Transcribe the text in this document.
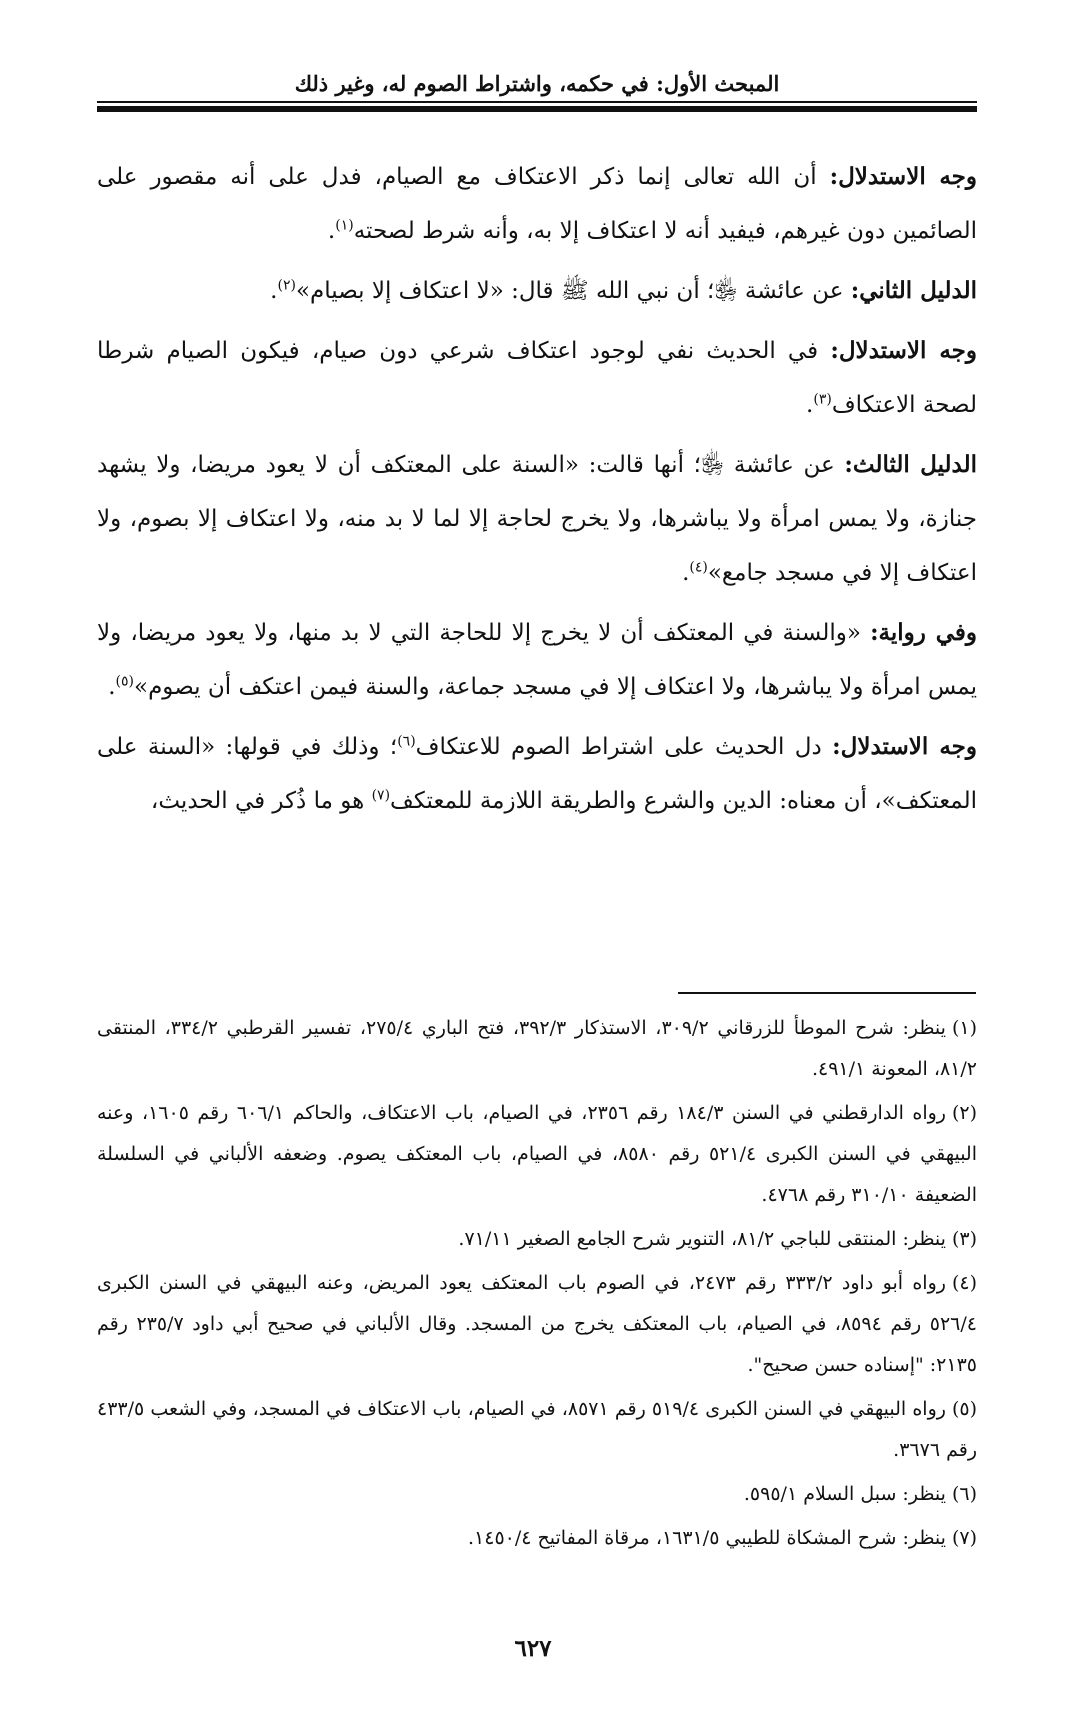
المبحث الأول: في حكمه، واشتراط الصوم له، وغير ذلك

وجه الاستدلال: أن الله تعالى إنما ذكر الاعتكاف مع الصيام، فدل على أنه مقصور على الصائمين دون غيرهم، فيفيد أنه لا اعتكاف إلا به، وأنه شرط لصحته$^{(١)}$.

الدليل الثاني: عن عائشة ﵂؛ أن نبي الله ﷺ قال: «لا اعتكاف إلا بصيام»$^{(٢)}$.

وجه الاستدلال: في الحديث نفي لوجود اعتكاف شرعي دون صيام، فيكون الصيام شرطا لصحة الاعتكاف$^{(٣)}$.

الدليل الثالث: عن عائشة ﵂؛ أنها قالت: «السنة على المعتكف أن لا يعود مريضا، ولا يشهد جنازة، ولا يمس امرأة ولا يباشرها، ولا يخرج لحاجة إلا لما لا بد منه، ولا اعتكاف إلا بصوم، ولا اعتكاف إلا في مسجد جامع»$^{(٤)}$.

وفي رواية: «والسنة في المعتكف أن لا يخرج إلا للحاجة التي لا بد منها، ولا يعود مريضا، ولا يمس امرأة ولا يباشرها، ولا اعتكاف إلا في مسجد جماعة، والسنة فيمن اعتكف أن يصوم»$^{(٥)}$.

وجه الاستدلال: دل الحديث على اشتراط الصوم للاعتكاف$^{(٦)}$؛ وذلك في قولها: «السنة على المعتكف»، أن معناه: الدين والشرع والطريقة اللازمة للمعتكف$^{(٧)}$ هو ما ذُكر في الحديث،

(١)ينظر: شرح الموطأ للزرقاني ٣٠٩/٢، الاستذكار ٣٩٢/٣، فتح الباري ٢٧٥/٤، تفسير القرطبي ٣٣٤/٢، المنتقى ٨١/٢، المعونة ٤٩١/١.

(٢)رواه الدارقطني في السنن ١٨٤/٣ رقم ٢٣٥٦، في الصيام، باب الاعتكاف، والحاكم ٦٠٦/١ رقم ١٦٠٥، وعنه البيهقي في السنن الكبرى ٥٢١/٤ رقم ٨٥٨٠، في الصيام، باب المعتكف يصوم. وضعفه الألباني في السلسلة الضعيفة ٣١٠/١٠ رقم ٤٧٦٨.

(٣)ينظر: المنتقى للباجي ٨١/٢، التنوير شرح الجامع الصغير ٧١/١١.

(٤)رواه أبو داود ٣٣٣/٢ رقم ٢٤٧٣، في الصوم باب المعتكف يعود المريض، وعنه البيهقي في السنن الكبرى ٥٢٦/٤ رقم ٨٥٩٤، في الصيام، باب المعتكف يخرج من المسجد. وقال الألباني في صحيح أبي داود ٢٣٥/٧ رقم ٢١٣٥: "إسناده حسن صحيح".

(٥)رواه البيهقي في السنن الكبرى ٥١٩/٤ رقم ٨٥٧١، في الصيام، باب الاعتكاف في المسجد، وفي الشعب ٤٣٣/٥ رقم ٣٦٧٦.

(٦)ينظر: سبل السلام ٥٩٥/١.

(٧)ينظر: شرح المشكاة للطيبي ١٦٣١/٥، مرقاة المفاتيح ١٤٥٠/٤.

٦٢٧
